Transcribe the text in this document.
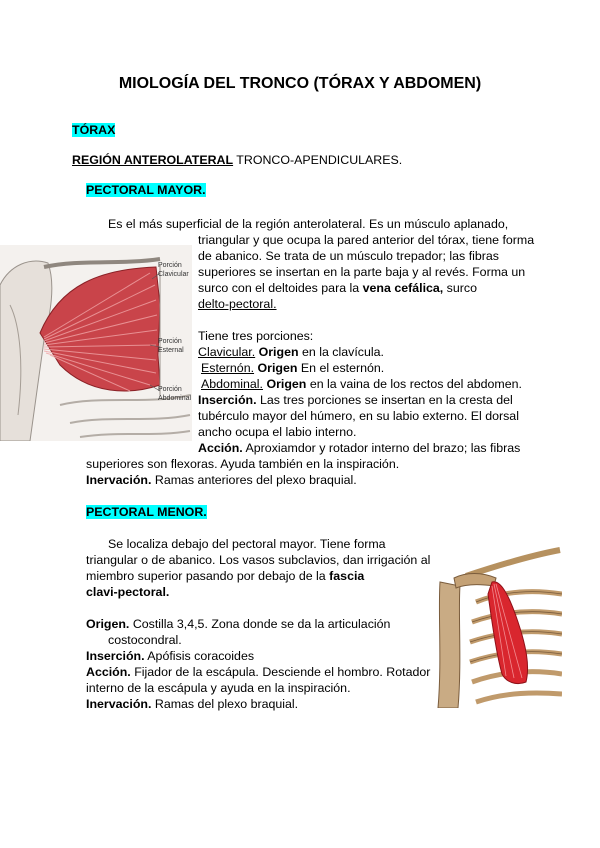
MIOLOGÍA DEL TRONCO (TÓRAX Y ABDOMEN)
TÓRAX
REGIÓN ANTEROLATERAL TRONCO-APENDICULARES.
PECTORAL MAYOR.
Es el más superficial de la región anterolateral. Es un músculo aplanado,
triangular y que ocupa la pared anterior del tórax, tiene forma
de abanico. Se trata de un músculo trepador; las fibras
superiores se insertan en la parte baja y al revés. Forma un
surco con el deltoides para la vena cefálica, surco
delto-pectoral.
Tiene tres porciones:
Clavicular. Origen en la clavícula.
Esternón. Origen En el esternón.
Abdominal. Origen en la vaina de los rectos del abdomen.
Inserción. Las tres porciones se insertan en la cresta del
tubérculo mayor del húmero, en su labio externo. El dorsal
ancho ocupa el labio interno.
Acción. Aproxiamdor y rotador interno del brazo; las fibras
superiores son flexoras. Ayuda también en la inspiración.
Inervación. Ramas anteriores del plexo braquial.
Porción
Clavicular
Porción
Esternal
Porción
Abdominal
PECTORAL MENOR.
Se localiza debajo del pectoral mayor. Tiene forma
triangular o de abanico. Los vasos subclavios, dan irrigación al
miembro superior pasando por debajo de la fascia
clavi-pectoral.
Origen. Costilla 3,4,5. Zona donde se da la articulación
costocondral.
Inserción. Apófisis coracoides
Acción. Fijador de la escápula. Desciende el hombro. Rotador
interno de la escápula y ayuda en la inspiración.
Inervación. Ramas del plexo braquial.
